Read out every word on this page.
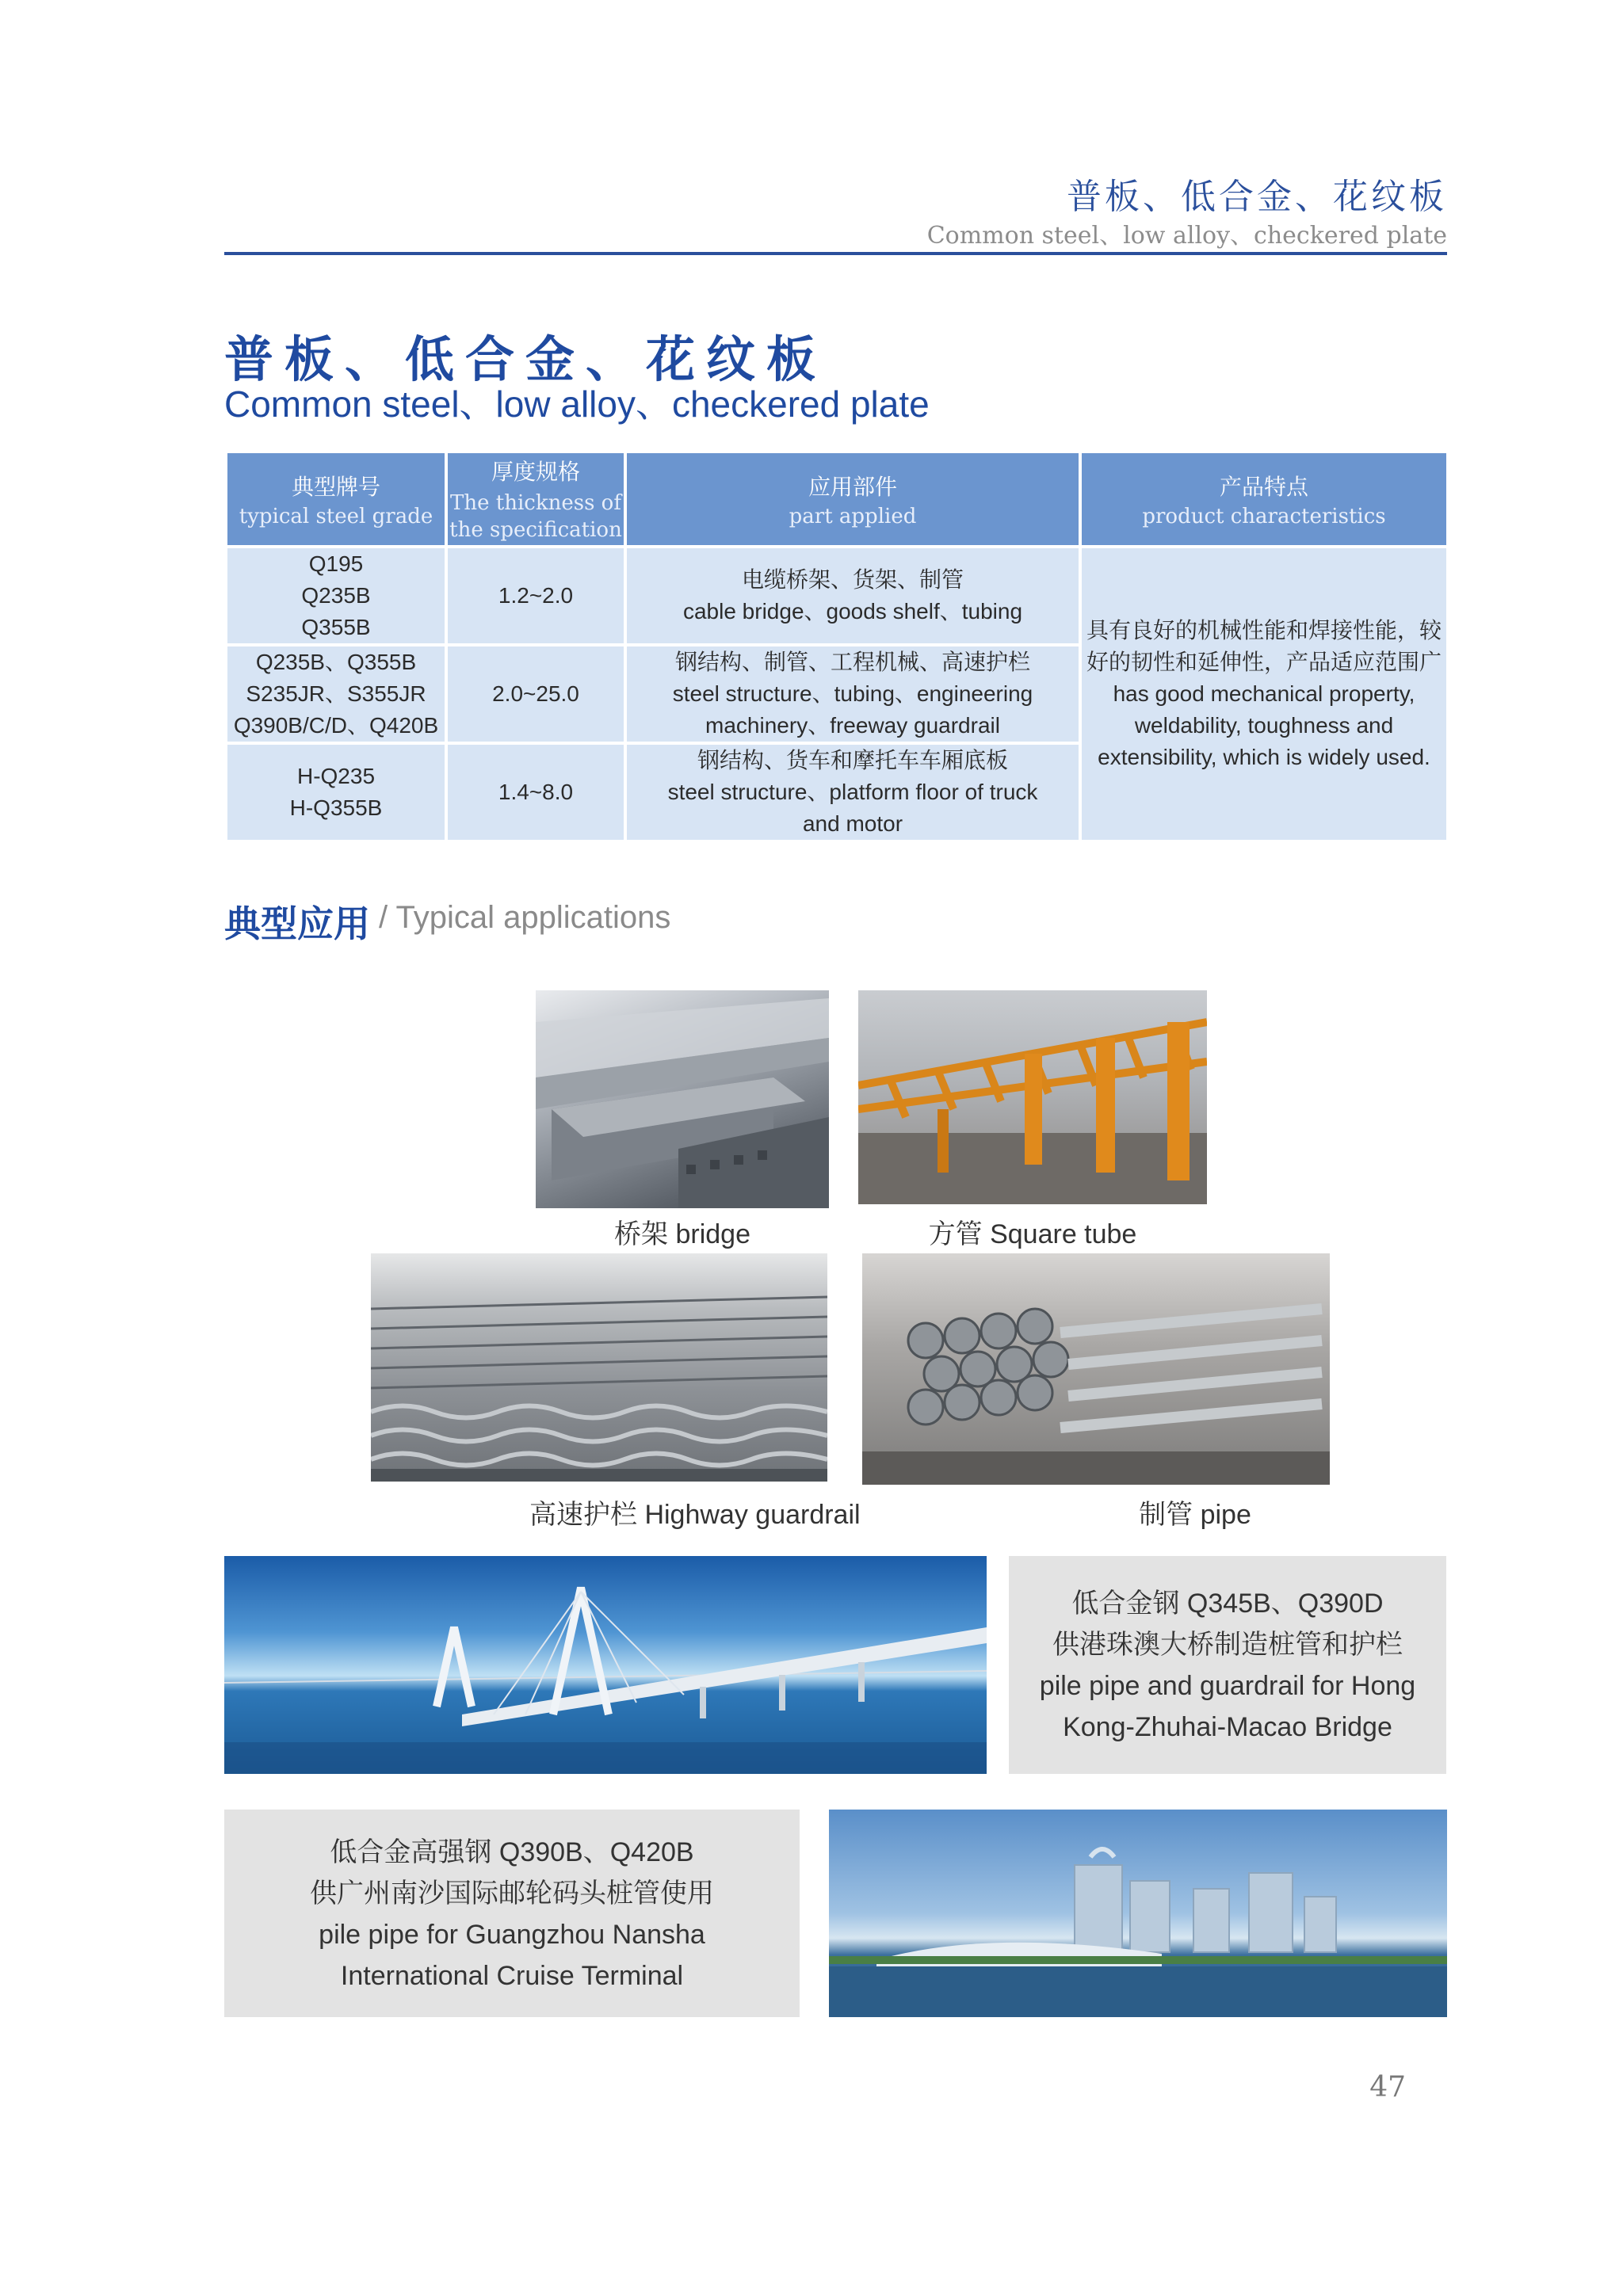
普板、低合金、花纹板
Common steel、low alloy、checkered plate
普板、低合金、花纹板
Common steel、low alloy、checkered plate
典型牌号
typical steel grade	厚度规格
The thickness of the specification	应用部件
part applied	产品特点
product characteristics

Q195
Q235B
Q355B	1.2~2.0	电缆桥架、货架、制管
cable bridge、goods shelf、tubing	具有良好的机械性能和焊接性能，较
好的韧性和延伸性，产品适应范围广
has good mechanical property,
weldability, toughness and
extensibility, which is widely used.

Q235B、Q355B
S235JR、S355JR
Q390B/C/D、Q420B	2.0~25.0	钢结构、制管、工程机械、高速护栏
steel structure、tubing、engineering
machinery、freeway guardrail	

H-Q235
H-Q355B	1.4~8.0	钢结构、货车和摩托车车厢底板
steel structure、platform floor of truck
and motor	
典型应用 / Typical applications
桥架 bridge	方管 Square tube
高速护栏 Highway guardrail	制管 pipe
低合金钢 Q345B、Q390D
供港珠澳大桥制造桩管和护栏
pile pipe and guardrail for Hong
Kong-Zhuhai-Macao Bridge
低合金高强钢 Q390B、Q420B
供广州南沙国际邮轮码头桩管使用
pile pipe for Guangzhou Nansha
International Cruise Terminal
47
